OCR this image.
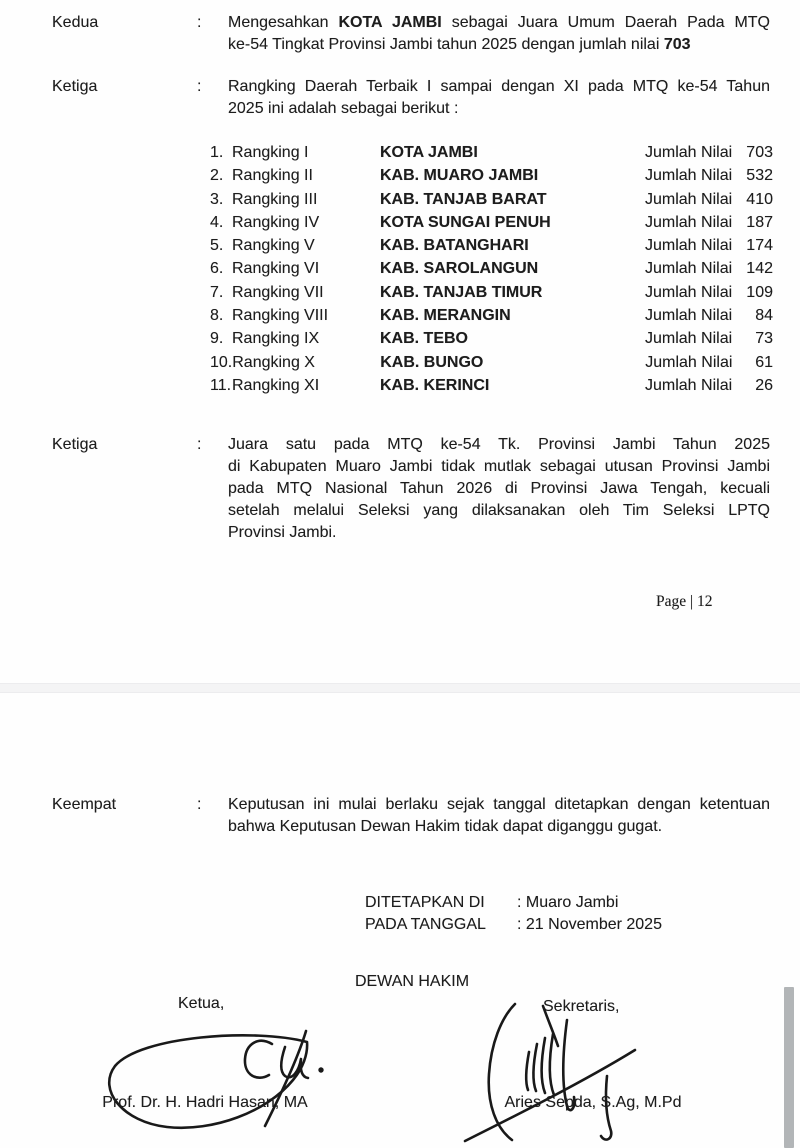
Kedua	:	Mengesahkan KOTA JAMBI sebagai Juara Umum Daerah Pada MTQ
ke-54 Tingkat Provinsi Jambi tahun 2025 dengan jumlah nilai 703
Ketiga	:	Rangking Daerah Terbaik I sampai dengan XI pada MTQ ke-54 Tahun
2025 ini adalah sebagai berikut :
1. Rangking I	KOTA JAMBI	Jumlah Nilai 703
2. Rangking II	KAB. MUARO JAMBI	Jumlah Nilai 532
3. Rangking III	KAB. TANJAB BARAT	Jumlah Nilai 410
4. Rangking IV	KOTA SUNGAI PENUH	Jumlah Nilai 187
5. Rangking V	KAB. BATANGHARI	Jumlah Nilai 174
6. Rangking VI	KAB. SAROLANGUN	Jumlah Nilai 142
7. Rangking VII	KAB. TANJAB TIMUR	Jumlah Nilai 109
8. Rangking VIII	KAB. MERANGIN	Jumlah Nilai	84
9. Rangking IX	KAB. TEBO	Jumlah Nilai	73
10. Rangking X	KAB. BUNGO	Jumlah Nilai	61
11. Rangking XI	KAB. KERINCI	Jumlah Nilai	26
Ketiga	:	Juara satu pada MTQ ke-54 Tk. Provinsi Jambi Tahun 2025
di Kabupaten Muaro Jambi tidak mutlak sebagai utusan Provinsi Jambi
pada MTQ Nasional Tahun 2026 di Provinsi Jawa Tengah, kecuali
setelah melalui Seleksi yang dilaksanakan oleh Tim Seleksi LPTQ
Provinsi Jambi.
Page | 12
Keempat	:	Keputusan ini mulai berlaku sejak tanggal ditetapkan dengan ketentuan
bahwa Keputusan Dewan Hakim tidak dapat diganggu gugat.
DITETAPKAN DI	: Muaro Jambi
PADA TANGGAL	: 21 November 2025
DEWAN HAKIM
Ketua,	Sekretaris,
Prof. Dr. H. Hadri Hasan, MA	Aries Sepda, S.Ag, M.Pd
